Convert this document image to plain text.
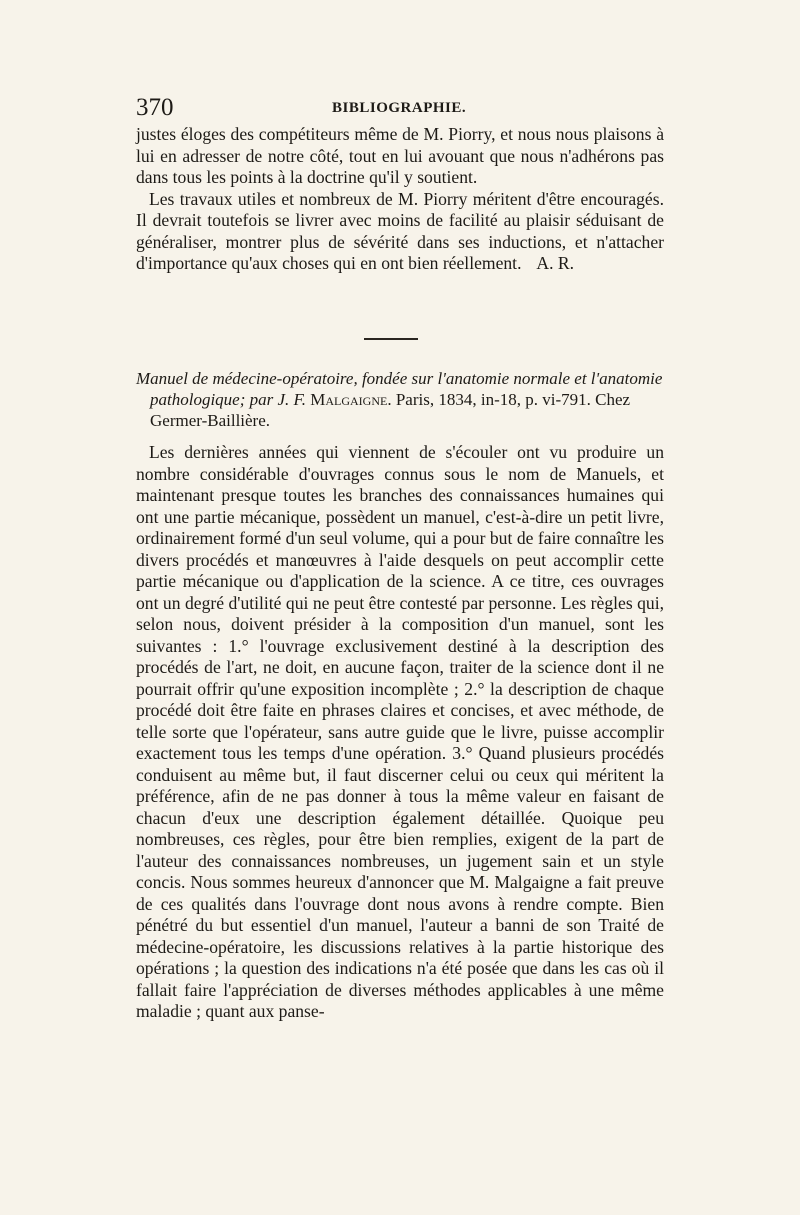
370	BIBLIOGRAPHIE.

justes éloges des compétiteurs même de M. Piorry, et nous nous plaisons à lui en adresser de notre côté, tout en lui avouant que nous n'adhérons pas dans tous les points à la doctrine qu'il y soutient.

Les travaux utiles et nombreux de M. Piorry méritent d'être encouragés. Il devrait toutefois se livrer avec moins de facilité au plaisir séduisant de généraliser, montrer plus de sévérité dans ses inductions, et n'attacher d'importance qu'aux choses qui en ont bien réellement. A. R.

Manuel de médecine-opératoire, fondée sur l'anatomie normale et l'anatomie pathologique; par J. F. Malgaigne. Paris, 1834, in-18, p. vi-791. Chez Germer-Baillière.

Les dernières années qui viennent de s'écouler ont vu produire un nombre considérable d'ouvrages connus sous le nom de Manuels, et maintenant presque toutes les branches des connaissances humaines qui ont une partie mécanique, possèdent un manuel, c'est-à-dire un petit livre, ordinairement formé d'un seul volume, qui a pour but de faire connaître les divers procédés et manœuvres à l'aide desquels on peut accomplir cette partie mécanique ou d'application de la science. A ce titre, ces ouvrages ont un degré d'utilité qui ne peut être contesté par personne. Les règles qui, selon nous, doivent présider à la composition d'un manuel, sont les suivantes : 1.° l'ouvrage exclusivement destiné à la description des procédés de l'art, ne doit, en aucune façon, traiter de la science dont il ne pourrait offrir qu'une exposition incomplète ; 2.° la description de chaque procédé doit être faite en phrases claires et concises, et avec méthode, de telle sorte que l'opérateur, sans autre guide que le livre, puisse accomplir exactement tous les temps d'une opération. 3.° Quand plusieurs procédés conduisent au même but, il faut discerner celui ou ceux qui méritent la préférence, afin de ne pas donner à tous la même valeur en faisant de chacun d'eux une description également détaillée. Quoique peu nombreuses, ces règles, pour être bien remplies, exigent de la part de l'auteur des connaissances nombreuses, un jugement sain et un style concis. Nous sommes heureux d'annoncer que M. Malgaigne a fait preuve de ces qualités dans l'ouvrage dont nous avons à rendre compte. Bien pénétré du but essentiel d'un manuel, l'auteur a banni de son Traité de médecine-opératoire, les discussions relatives à la partie historique des opérations ; la question des indications n'a été posée que dans les cas où il fallait faire l'appréciation de diverses méthodes applicables à une même maladie ; quant aux panse-
